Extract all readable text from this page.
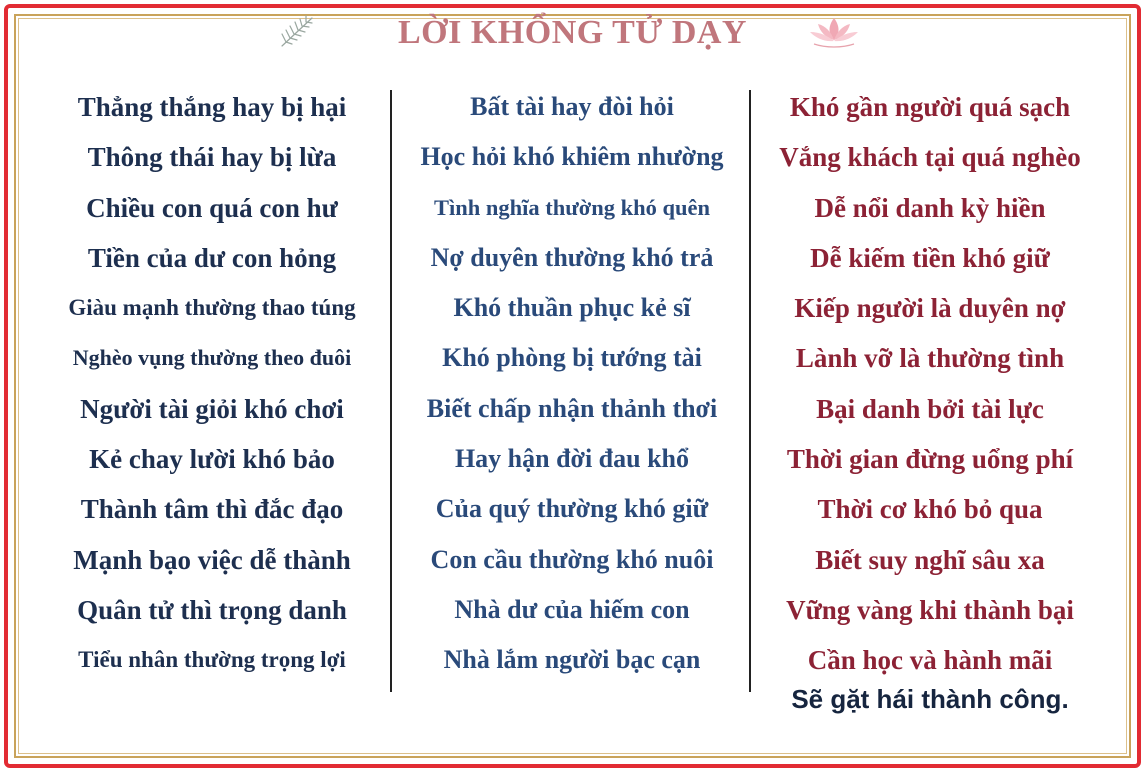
LỜI KHỔNG TỬ DẠY
Thẳng thắng hay bị hại
Thông thái hay bị lừa
Chiều con quá con hư
Tiền của dư con hỏng
Giàu mạnh thường thao túng
Nghèo vụng thường theo đuôi
Người tài giỏi khó chơi
Kẻ chay lười khó bảo
Thành tâm thì đắc đạo
Mạnh bạo việc dễ thành
Quân tử thì trọng danh
Tiểu nhân thường trọng lợi
Bất tài hay đòi hỏi
Học hỏi khó khiêm nhường
Tình nghĩa thường khó quên
Nợ duyên thường khó trả
Khó thuần phục kẻ sĩ
Khó phòng bị tướng tài
Biết chấp nhận thảnh thơi
Hay hận đời đau khổ
Của quý thường khó giữ
Con cầu thường khó nuôi
Nhà dư của hiếm con
Nhà lắm người bạc cạn
Khó gần người quá sạch
Vắng khách tại quá nghèo
Dễ nổi danh kỳ hiền
Dễ kiếm tiền khó giữ
Kiếp người là duyên nợ
Lành vỡ là thường tình
Bại danh bởi tài lực
Thời gian đừng uổng phí
Thời cơ khó bỏ qua
Biết suy nghĩ sâu xa
Vững vàng khi thành bại
Cần học và hành mãi
Sẽ gặt hái thành công.
